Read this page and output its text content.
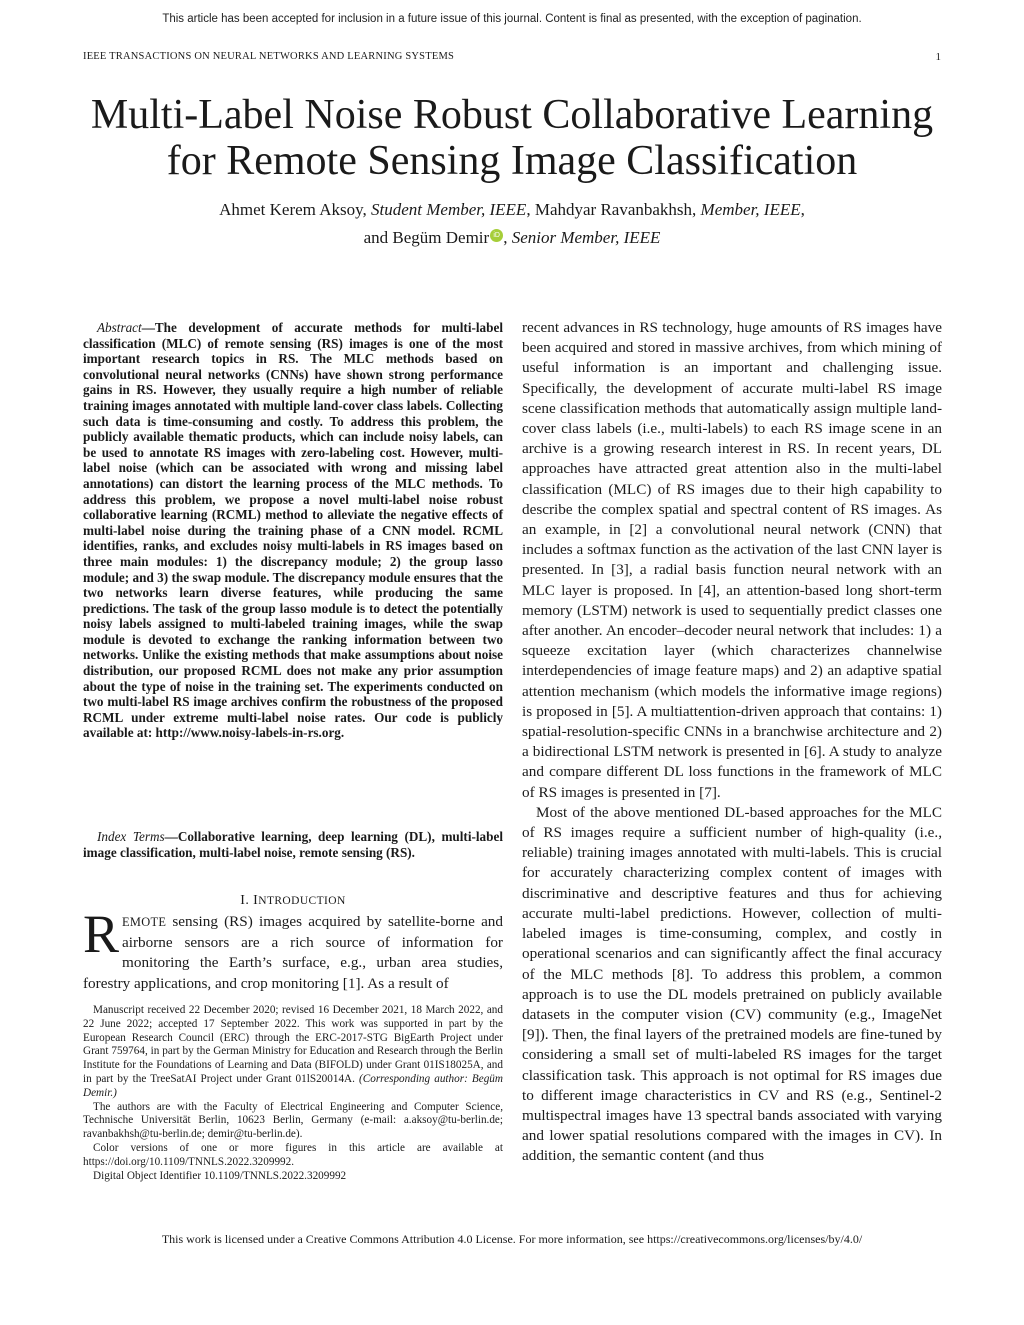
This article has been accepted for inclusion in a future issue of this journal. Content is final as presented, with the exception of pagination.
IEEE TRANSACTIONS ON NEURAL NETWORKS AND LEARNING SYSTEMS	1
Multi-Label Noise Robust Collaborative Learning
for Remote Sensing Image Classification
Ahmet Kerem Aksoy, Student Member, IEEE, Mahdyar Ravanbakhsh, Member, IEEE,
and Begüm Demir iD , Senior Member, IEEE
Abstract—The development of accurate methods for multi-label classification (MLC) of remote sensing (RS) images is one of the most important research topics in RS. The MLC methods based on convolutional neural networks (CNNs) have shown strong performance gains in RS. However, they usually require a high number of reliable training images annotated with multiple land-cover class labels. Collecting such data is time-consuming and costly. To address this problem, the publicly available thematic products, which can include noisy labels, can be used to annotate RS images with zero-labeling cost. However, multi-label noise (which can be associated with wrong and missing label annotations) can distort the learning process of the MLC methods. To address this problem, we propose a novel multi-label noise robust collaborative learning (RCML) method to alleviate the negative effects of multi-label noise during the training phase of a CNN model. RCML identifies, ranks, and excludes noisy multi-labels in RS images based on three main modules: 1) the discrepancy module; 2) the group lasso module; and 3) the swap module. The discrepancy module ensures that the two networks learn diverse features, while producing the same predictions. The task of the group lasso module is to detect the potentially noisy labels assigned to multi-labeled training images, while the swap module is devoted to exchange the ranking information between two networks. Unlike the existing methods that make assumptions about noise distribution, our proposed RCML does not make any prior assumption about the type of noise in the training set. The experiments conducted on two multi-label RS image archives confirm the robustness of the proposed RCML under extreme multi-label noise rates. Our code is publicly available at: http://www.noisy-labels-in-rs.org.
Index Terms—Collaborative learning, deep learning (DL), multi-label image classification, multi-label noise, remote sensing (RS).
I. INTRODUCTION
REMOTE sensing (RS) images acquired by satellite-borne and airborne sensors are a rich source of information for monitoring the Earth’s surface, e.g., urban area studies, forestry applications, and crop monitoring [1]. As a result of

Manuscript received 22 December 2020; revised 16 December 2021, 18 March 2022, and 22 June 2022; accepted 17 September 2022. This work was supported in part by the European Research Council (ERC) through the ERC-2017-STG BigEarth Project under Grant 759764, in part by the German Ministry for Education and Research through the Berlin Institute for the Foundations of Learning and Data (BIFOLD) under Grant 01IS18025A, and in part by the TreeSatAI Project under Grant 01lS20014A. (Corresponding author: Begüm Demir.)

The authors are with the Faculty of Electrical Engineering and Computer Science, Technische Universität Berlin, 10623 Berlin, Germany (e-mail: a.aksoy@tu-berlin.de; ravanbakhsh@tu-berlin.de; demir@tu-berlin.de).

Color versions of one or more figures in this article are available at https://doi.org/10.1109/TNNLS.2022.3209992.

Digital Object Identifier 10.1109/TNNLS.2022.3209992

recent advances in RS technology, huge amounts of RS images have been acquired and stored in massive archives, from which mining of useful information is an important and challenging issue. Specifically, the development of accurate multi-label RS image scene classification methods that automatically assign multiple land-cover class labels (i.e., multi-labels) to each RS image scene in an archive is a growing research interest in RS. In recent years, DL approaches have attracted great attention also in the multi-label classification (MLC) of RS images due to their high capability to describe the complex spatial and spectral content of RS images. As an example, in [2] a convolutional neural network (CNN) that includes a softmax function as the activation of the last CNN layer is presented. In [3], a radial basis function neural network with an MLC layer is proposed. In [4], an attention-based long short-term memory (LSTM) network is used to sequentially predict classes one after another. An encoder–decoder neural network that includes: 1) a squeeze excitation layer (which characterizes channelwise interdependencies of image feature maps) and 2) an adaptive spatial attention mechanism (which models the informative image regions) is proposed in [5]. A multiattention-driven approach that contains: 1) spatial-resolution-specific CNNs in a branchwise architecture and 2) a bidirectional LSTM network is presented in [6]. A study to analyze and compare different DL loss functions in the framework of MLC of RS images is presented in [7].

Most of the above mentioned DL-based approaches for the MLC of RS images require a sufficient number of high-quality (i.e., reliable) training images annotated with multi-labels. This is crucial for accurately characterizing complex content of images with discriminative and descriptive features and thus for achieving accurate multi-label predictions. However, collection of multi-labeled images is time-consuming, complex, and costly in operational scenarios and can significantly affect the final accuracy of the MLC methods [8]. To address this problem, a common approach is to use the DL models pretrained on publicly available datasets in the computer vision (CV) community (e.g., ImageNet [9]). Then, the final layers of the pretrained models are fine-tuned by considering a small set of multi-labeled RS images for the target classification task. This approach is not optimal for RS images due to different image characteristics in CV and RS (e.g., Sentinel-2 multispectral images have 13 spectral bands associated with varying and lower spatial resolutions compared with the images in CV). In addition, the semantic content (and thus

This work is licensed under a Creative Commons Attribution 4.0 License. For more information, see https://creativecommons.org/licenses/by/4.0/
